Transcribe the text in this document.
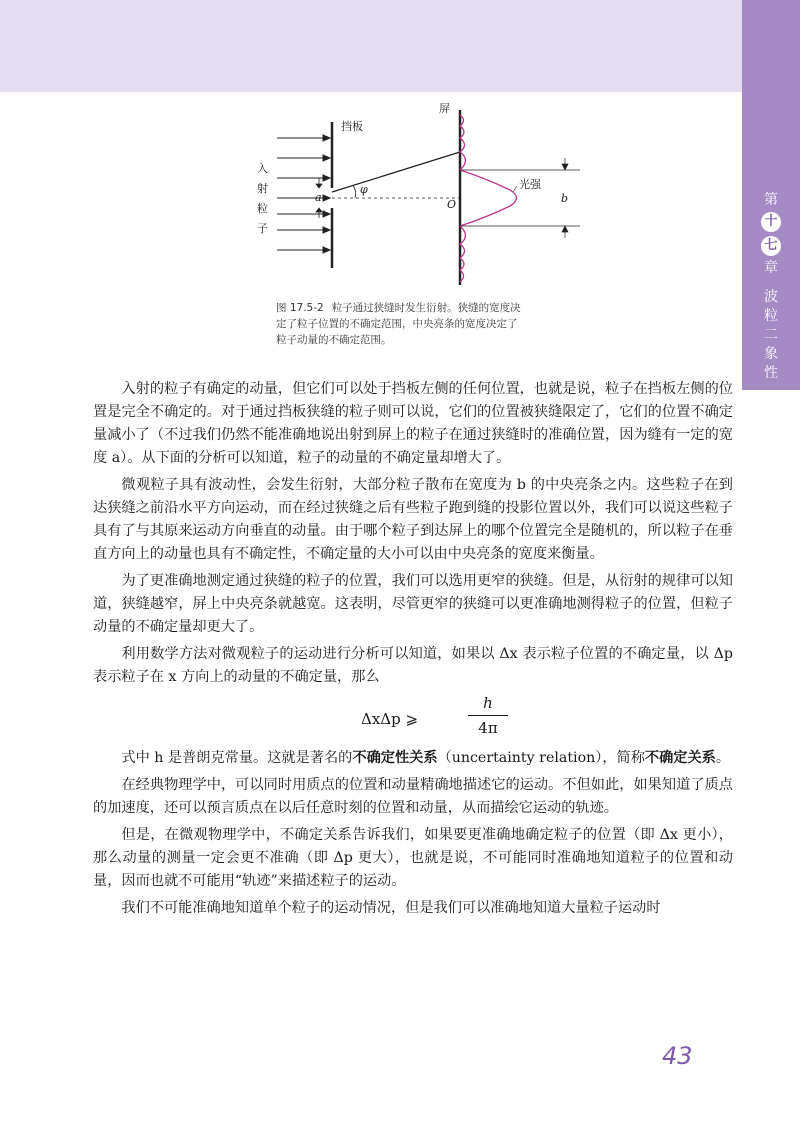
第
十
七
章
波
粒
二
象
性
入
射
粒
子
挡板
a
φ
屏
O
光强
b
图 17.5-2 粒子通过狭缝时发生衍射。狭缝的宽度决
定了粒子位置的不确定范围，中央亮条的宽度决定了
粒子动量的不确定范围。

入射的粒子有确定的动量，但它们可以处于挡板左侧的任何位置，也就是说，粒子在挡板左侧的位置是完全不确定的。对于通过挡板狭缝的粒子则可以说，它们的位置被狭缝限定了，它们的位置不确定量减小了（不过我们仍然不能准确地说出射到屏上的粒子在通过狭缝时的准确位置，因为缝有一定的宽度 a）。从下面的分析可以知道，粒子的动量的不确定量却增大了。

微观粒子具有波动性，会发生衍射，大部分粒子散布在宽度为 b 的中央亮条之内。这些粒子在到达狭缝之前沿水平方向运动，而在经过狭缝之后有些粒子跑到缝的投影位置以外，我们可以说这些粒子具有了与其原来运动方向垂直的动量。由于哪个粒子到达屏上的哪个位置完全是随机的，所以粒子在垂直方向上的动量也具有不确定性，不确定量的大小可以由中央亮条的宽度来衡量。

为了更准确地测定通过狭缝的粒子的位置，我们可以选用更窄的狭缝。但是，从衍射的规律可以知道，狭缝越窄，屏上中央亮条就越宽。这表明，尽管更窄的狭缝可以更准确地测得粒子的位置，但粒子动量的不确定量却更大了。

利用数学方法对微观粒子的运动进行分析可以知道，如果以 Δx 表示粒子位置的不确定量，以 Δp 表示粒子在 x 方向上的动量的不确定量，那么

ΔxΔp ⩾
h
4π

式中 h 是普朗克常量。这就是著名的不确定性关系（uncertainty relation），简称不确定关系。

在经典物理学中，可以同时用质点的位置和动量精确地描述它的运动。不但如此，如果知道了质点的加速度，还可以预言质点在以后任意时刻的位置和动量，从而描绘它运动的轨迹。

但是，在微观物理学中，不确定关系告诉我们，如果要更准确地确定粒子的位置（即 Δx 更小），那么动量的测量一定会更不准确（即 Δp 更大），也就是说，不可能同时准确地知道粒子的位置和动量，因而也就不可能用“轨迹”来描述粒子的运动。

我们不可能准确地知道单个粒子的运动情况，但是我们可以准确地知道大量粒子运动时

43
